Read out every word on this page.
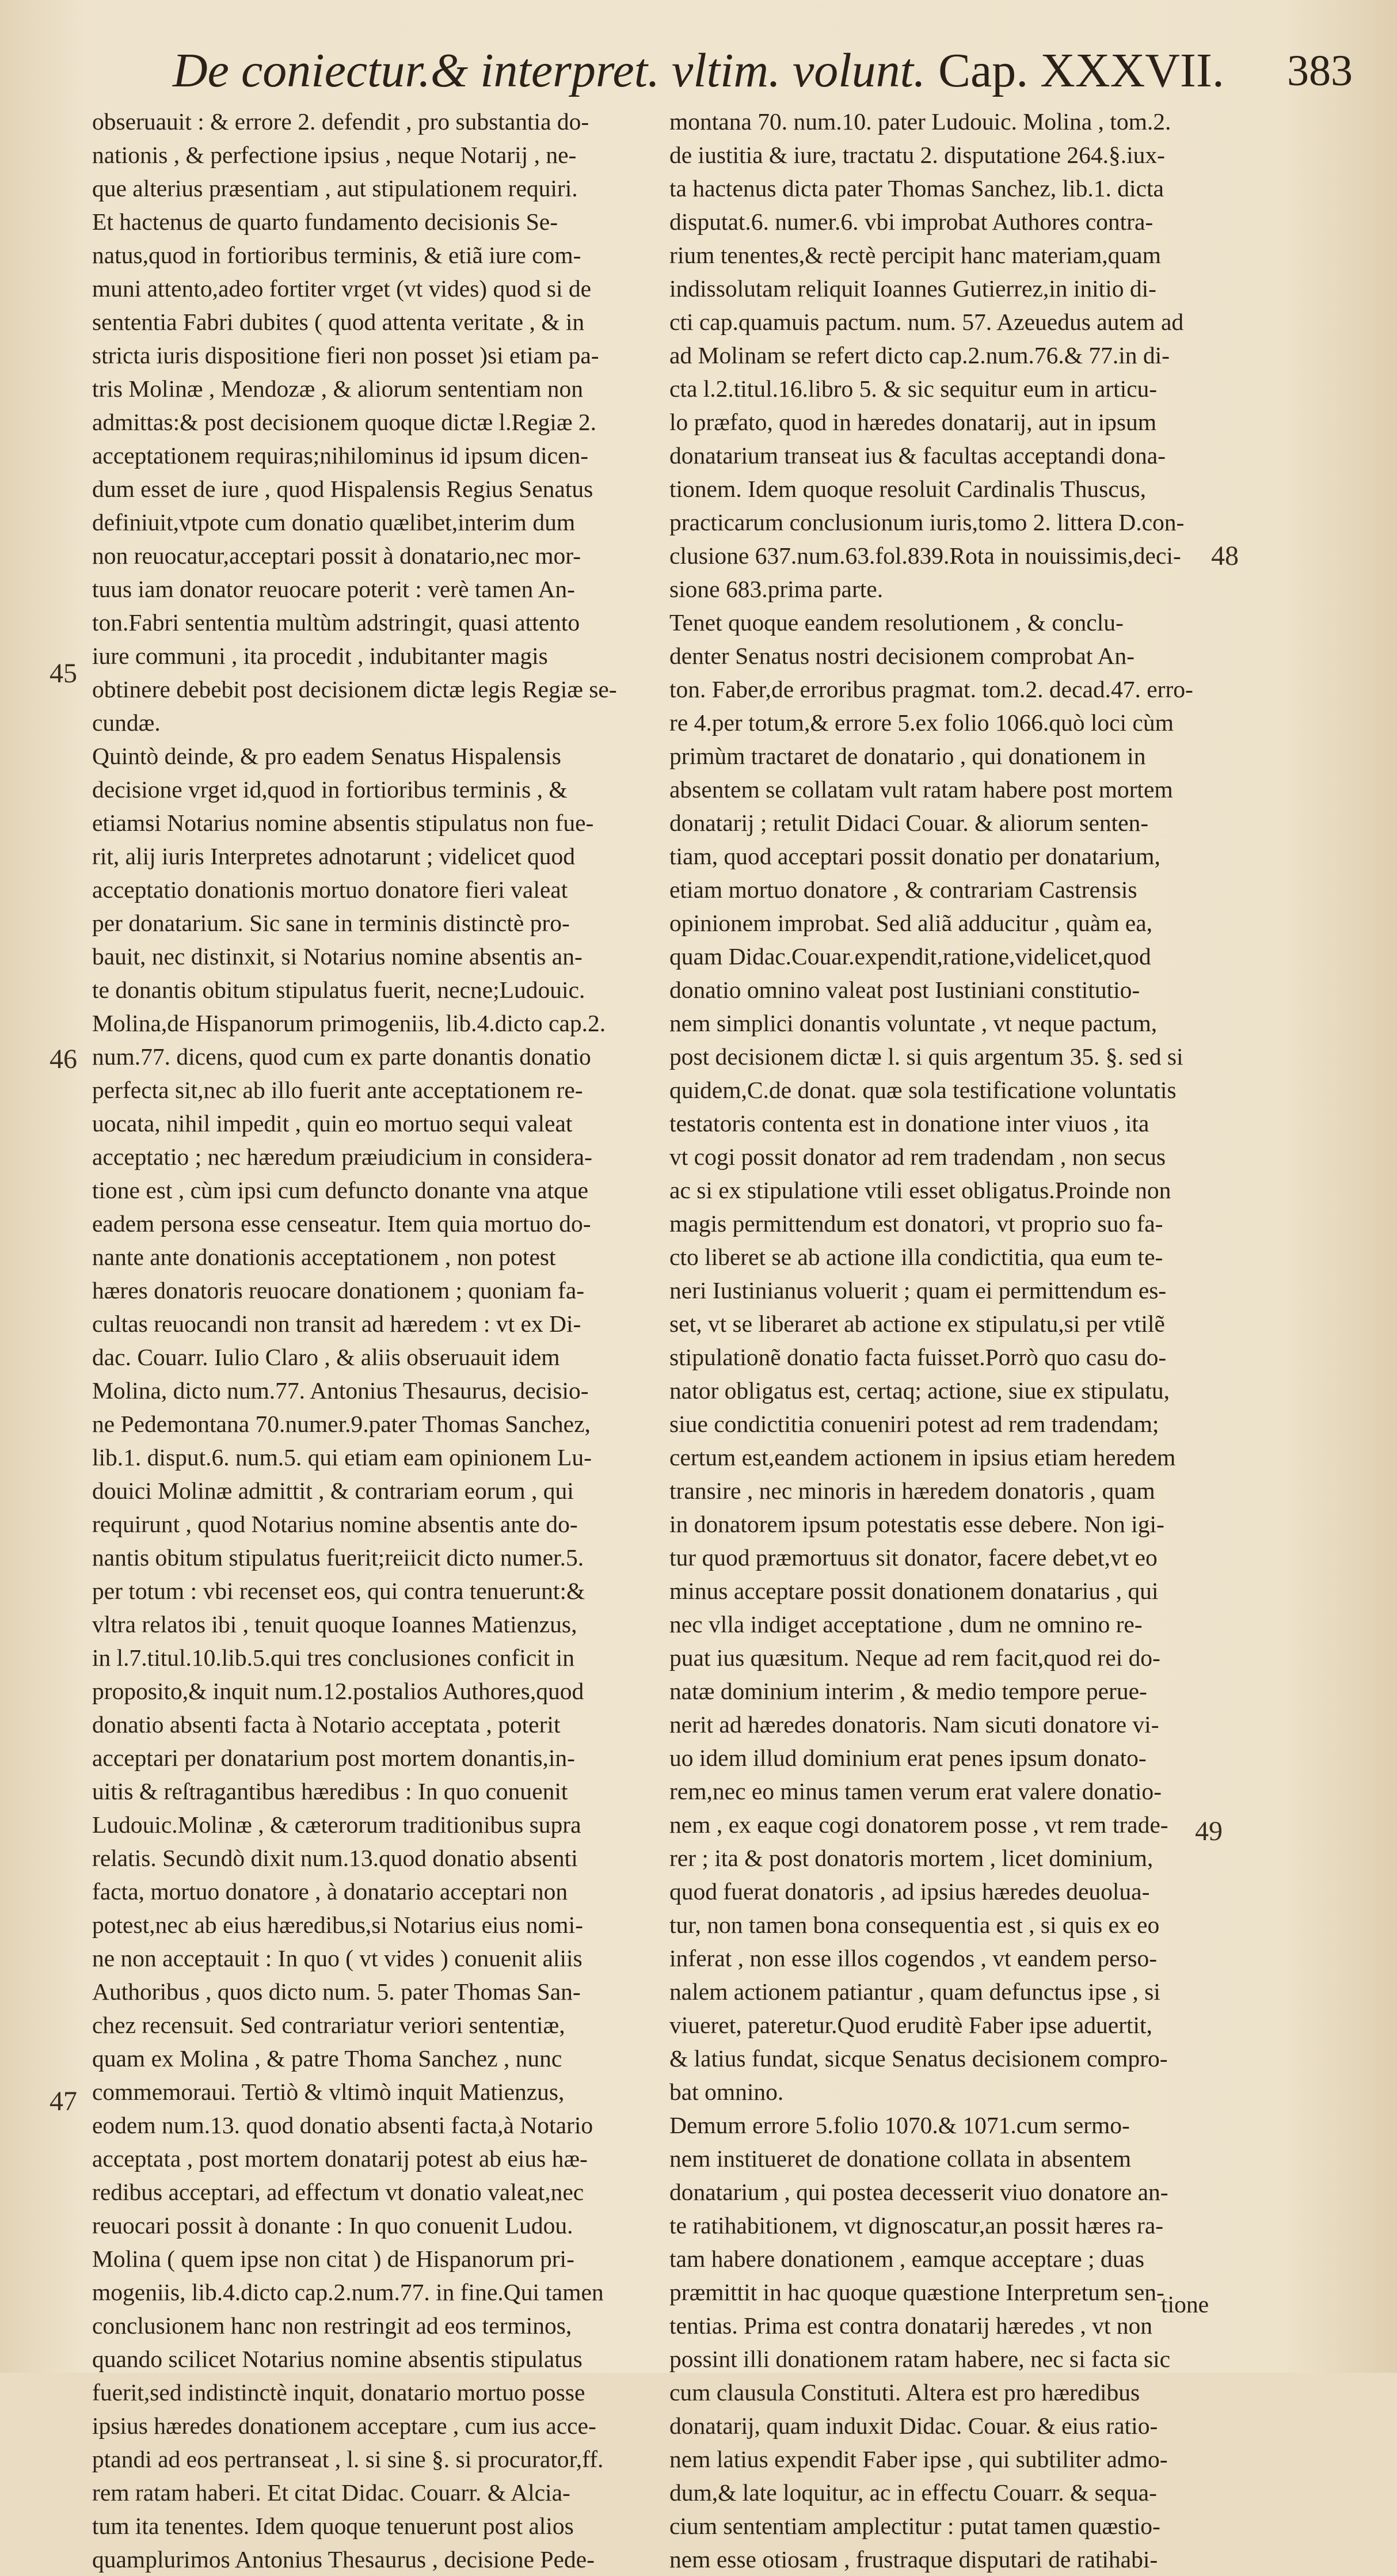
De coniectur.& interpret. vltim. volunt. Cap. XXXVII. 383
obseruauit : & errore 2. defendit , pro substantia do-
nationis , & perfectione ipsius , neque Notarij , ne-
que alterius præsentiam , aut stipulationem requiri.
Et hactenus de quarto fundamento decisionis Se-
natus,quod in fortioribus terminis, & etiã iure com-
muni attento,adeo fortiter vrget (vt vides) quod si de
sententia Fabri dubites ( quod attenta veritate , & in
stricta iuris dispositione fieri non posset )si etiam pa-
tris Molinæ , Mendozæ , & aliorum sententiam non
admittas:& post decisionem quoque dictæ l.Regiæ 2.
acceptationem requiras;nihilominus id ipsum dicen-
dum esset de iure , quod Hispalensis Regius Senatus
definiuit,vtpote cum donatio quælibet,interim dum
non reuocatur,acceptari possit à donatario,nec mor-
tuus iam donator reuocare poterit : verè tamen An-
ton.Fabri sententia multùm adstringit, quasi attento
iure communi , ita procedit , indubitanter magis
obtinere debebit post decisionem dictæ legis Regiæ se-
cundæ.
Quintò deinde, & pro eadem Senatus Hispalensis
decisione vrget id,quod in fortioribus terminis , &
etiamsi Notarius nomine absentis stipulatus non fue-
rit, alij iuris Interpretes adnotarunt ; videlicet quod
acceptatio donationis mortuo donatore fieri valeat
per donatarium. Sic sane in terminis distinctè pro-
bauit, nec distinxit, si Notarius nomine absentis an-
te donantis obitum stipulatus fuerit, necne;Ludouic.
Molina,de Hispanorum primogeniis, lib.4.dicto cap.2.
num.77. dicens, quod cum ex parte donantis donatio
perfecta sit,nec ab illo fuerit ante acceptationem re-
uocata, nihil impedit , quin eo mortuo sequi valeat
acceptatio ; nec hæredum præiudicium in considera-
tione est , cùm ipsi cum defuncto donante vna atque
eadem persona esse censeatur. Item quia mortuo do-
nante ante donationis acceptationem , non potest
hæres donatoris reuocare donationem ; quoniam fa-
cultas reuocandi non transit ad hæredem : vt ex Di-
dac. Couarr. Iulio Claro , & aliis obseruauit idem
Molina, dicto num.77. Antonius Thesaurus, decisio-
ne Pedemontana 70.numer.9.pater Thomas Sanchez,
lib.1. disput.6. num.5. qui etiam eam opinionem Lu-
douici Molinæ admittit , & contrariam eorum , qui
requirunt , quod Notarius nomine absentis ante do-
nantis obitum stipulatus fuerit;reiicit dicto numer.5.
per totum : vbi recenset eos, qui contra tenuerunt:&
vltra relatos ibi , tenuit quoque Ioannes Matienzus,
in l.7.titul.10.lib.5.qui tres conclusiones conficit in
proposito,& inquit num.12.postalios Authores,quod
donatio absenti facta à Notario acceptata , poterit
acceptari per donatarium post mortem donantis,in-
uitis & reſtragantibus hæredibus : In quo conuenit
Ludouic.Molinæ , & cæterorum traditionibus supra
relatis. Secundò dixit num.13.quod donatio absenti
facta, mortuo donatore , à donatario acceptari non
potest,nec ab eius hæredibus,si Notarius eius nomi-
ne non acceptauit : In quo ( vt vides ) conuenit aliis
Authoribus , quos dicto num. 5. pater Thomas San-
chez recensuit. Sed contrariatur veriori sententiæ,
quam ex Molina , & patre Thoma Sanchez , nunc
commemoraui. Tertiò & vltimò inquit Matienzus,
eodem num.13. quod donatio absenti facta,à Notario
acceptata , post mortem donatarij potest ab eius hæ-
redibus acceptari, ad effectum vt donatio valeat,nec
reuocari possit à donante : In quo conuenit Ludou.
Molina ( quem ipse non citat ) de Hispanorum pri-
mogeniis, lib.4.dicto cap.2.num.77. in fine.Qui tamen
conclusionem hanc non restringit ad eos terminos,
quando scilicet Notarius nomine absentis stipulatus
fuerit,sed indistinctè inquit, donatario mortuo posse
ipsius hæredes donationem acceptare , cum ius acce-
ptandi ad eos pertranseat , l. si sine §. si procurator,ff.
rem ratam haberi. Et citat Didac. Couarr. & Alcia-
tum ita tenentes. Idem quoque tenuerunt post alios
quamplurimos Antonius Thesaurus , decisione Pede-
montana 70. num.10. pater Ludouic. Molina , tom.2.
de iustitia & iure, tractatu 2. disputatione 264.§.iux-
ta hactenus dicta pater Thomas Sanchez, lib.1. dicta
disputat.6. numer.6. vbi improbat Authores contra-
rium tenentes,& rectè percipit hanc materiam,quam
indissolutam reliquit Ioannes Gutierrez,in initio di-
cti cap.quamuis pactum. num. 57. Azeuedus autem ad
ad Molinam se refert dicto cap.2.num.76.& 77.in di-
cta l.2.titul.16.libro 5. & sic sequitur eum in articu-
lo præfato, quod in hæredes donatarij, aut in ipsum
donatarium transeat ius & facultas acceptandi dona-
tionem. Idem quoque resoluit Cardinalis Thuscus,
practicarum conclusionum iuris,tomo 2. littera D.con-
clusione 637.num.63.fol.839.Rota in nouissimis,deci-
sione 683.prima parte.
Tenet quoque eandem resolutionem , & conclu-
denter Senatus nostri decisionem comprobat An-
ton. Faber,de erroribus pragmat. tom.2. decad.47. erro-
re 4.per totum,& errore 5.ex folio 1066.quò loci cùm
primùm tractaret de donatario , qui donationem in
absentem se collatam vult ratam habere post mortem
donatarij ; retulit Didaci Couar. & aliorum senten-
tiam, quod acceptari possit donatio per donatarium,
etiam mortuo donatore , & contrariam Castrensis
opinionem improbat. Sed aliã adducitur , quàm ea,
quam Didac.Couar.expendit,ratione,videlicet,quod
donatio omnino valeat post Iustiniani constitutio-
nem simplici donantis voluntate , vt neque pactum,
post decisionem dictæ l. si quis argentum 35. §. sed si
quidem,C.de donat. quæ sola testificatione voluntatis
testatoris contenta est in donatione inter viuos , ita
vt cogi possit donator ad rem tradendam , non secus
ac si ex stipulatione vtili esset obligatus.Proinde non
magis permittendum est donatori, vt proprio suo fa-
cto liberet se ab actione illa condictitia, qua eum te-
neri Iustinianus voluerit ; quam ei permittendum es-
set, vt se liberaret ab actione ex stipulatu,si per vtilẽ
stipulationẽ donatio facta fuisset.Porrò quo casu do-
nator obligatus est, certaq; actione, siue ex stipulatu,
siue condictitia conueniri potest ad rem tradendam;
certum est,eandem actionem in ipsius etiam heredem
transire , nec minoris in hæredem donatoris , quam
in donatorem ipsum potestatis esse debere. Non igi-
tur quod præmortuus sit donator, facere debet,vt eo
minus acceptare possit donationem donatarius , qui
nec vlla indiget acceptatione , dum ne omnino re-
puat ius quæsitum. Neque ad rem facit,quod rei do-
natæ dominium interim , & medio tempore perue-
nerit ad hæredes donatoris. Nam sicuti donatore vi-
uo idem illud dominium erat penes ipsum donato-
rem,nec eo minus tamen verum erat valere donatio-
nem , ex eaque cogi donatorem posse , vt rem trade-
rer ; ita & post donatoris mortem , licet dominium,
quod fuerat donatoris , ad ipsius hæredes deuolua-
tur, non tamen bona consequentia est , si quis ex eo
inferat , non esse illos cogendos , vt eandem perso-
nalem actionem patiantur , quam defunctus ipse , si
viueret, pateretur.Quod eruditè Faber ipse aduertit,
& latius fundat, sicque Senatus decisionem compro-
bat omnino.
Demum errore 5.folio 1070.& 1071.cum sermo-
nem institueret de donatione collata in absentem
donatarium , qui postea decesserit viuo donatore an-
te ratihabitionem, vt dignoscatur,an possit hæres ra-
tam habere donationem , eamque acceptare ; duas
præmittit in hac quoque quæstione Interpretum sen-
tentias. Prima est contra donatarij hæredes , vt non
possint illi donationem ratam habere, nec si facta sic
cum clausula Constituti. Altera est pro hæredibus
donatarij, quam induxit Didac. Couar. & eius ratio-
nem latius expendit Faber ipse , qui subtiliter admo-
dum,& late loquitur, ac in effectu Couarr. & sequa-
cium sententiam amplectitur : putat tamen quæstio-
nem esse otiosam , frustraque disputari de ratihabi-
45
46
47
48
49
tione
